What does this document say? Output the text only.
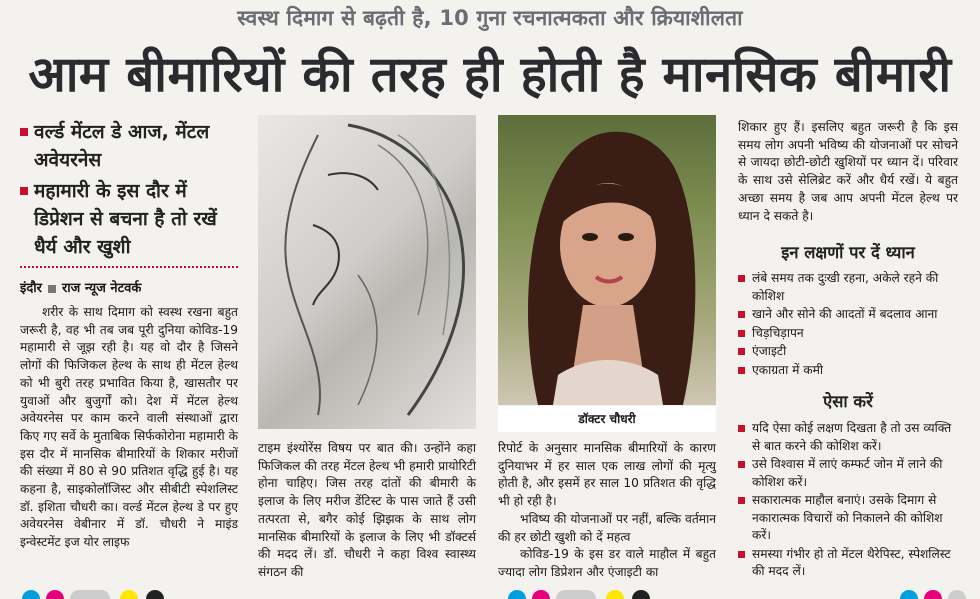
स्वस्थ दिमाग से बढ़ती है, 10 गुना रचनात्मकता और क्रियाशीलता
आम बीमारियों की तरह ही होती है मानसिक बीमारी
वर्ल्ड मेंटल डे आज, मेंटल अवेयरनेस
महामारी के इस दौर में डिप्रेशन से बचना है तो रखें धैर्य और खुशी
इंदौर राज न्यूज नेटवर्क

शरीर के साथ दिमाग को स्वस्थ रखना बहुत जरूरी है, वह भी तब जब पूरी दुनिया कोविड-19 महामारी से जूझ रही है। यह वो दौर है जिसने लोगों की फिजिकल हेल्थ के साथ ही मेंटल हेल्थ को भी बुरी तरह प्रभावित किया है, खासतौर पर युवाओं और बुजुर्गों को। देश में मेंटल हेल्थ अवेयरनेस पर काम करने वाली संस्थाओं द्वारा किए गए सर्वे के मुताबिक सिर्फकोरोना महामारी के इस दौर में मानसिक बीमारियों के शिकार मरीजों की संख्या में 80 से 90 प्रतिशत वृद्धि हुई है। यह कहना है, साइकोलॉजिस्ट और सीबीटी स्पेशलिस्ट डॉ. इशिता चौधरी का। वर्ल्ड मेंटल हेल्थ डे पर हुए अवेयरनेस वेबीनार में डॉ. चौधरी ने माइंड इन्वेस्टमेंट इज योर लाइफ

टाइम इंश्योरेंस विषय पर बात की। उन्होंने कहा फिजिकल की तरह मेंटल हेल्थ भी हमारी प्रायोरिटी होना चाहिए। जिस तरह दांतों की बीमारी के इलाज के लिए मरीज डेंटिस्ट के पास जाते हैं उसी तत्परता से, बगैर कोई झिझक के साथ लोग मानसिक बीमारियों के इलाज के लिए भी डॉक्टर्स की मदद लें। डॉ. चौधरी ने कहा विश्व स्वास्थ्य संगठन की

डॉक्टर चौधरी

रिपोर्ट के अनुसार मानसिक बीमारियों के कारण दुनियाभर में हर साल एक लाख लोगों की मृत्यु होती है, और इसमें हर साल 10 प्रतिशत की वृद्धि भी हो रही है।

भविष्य की योजनाओं पर नहीं, बल्कि वर्तमान की हर छोटी खुशी को दें महत्व

कोविड-19 के इस डर वाले माहौल में बहुत ज्यादा लोग डिप्रेशन और एंजाइटी का

शिकार हुए हैं। इसलिए बहुत जरूरी है कि इस समय लोग अपनी भविष्य की योजनाओं पर सोचने से जायदा छोटी-छोटी खुशियों पर ध्यान दें। परिवार के साथ उसे सेलिब्रेट करें और धैर्य रखें। ये बहुत अच्छा समय है जब आप अपनी मेंटल हेल्थ पर ध्यान दे सकते है।

इन लक्षणों पर दें ध्यान
लंबे समय तक दुःखी रहना, अकेले रहने की कोशिश
खाने और सोने की आदतों में बदलाव आना
चिड़चिड़ापन
एंजाइटी
एकाग्रता में कमी
ऐसा करें
यदि ऐसा कोई लक्षण दिखता है तो उस व्यक्ति से बात करने की कोशिश करें।
उसे विश्वास में लाएं कम्फर्ट जोन में लाने की कोशिश करें।
सकारात्मक माहौल बनाएं। उसके दिमाग से नकारात्मक विचारों को निकालने की कोशिश करें।
समस्या गंभीर हो तो मेंटल थैरेपिस्ट, स्पेशलिस्ट की मदद लें।
